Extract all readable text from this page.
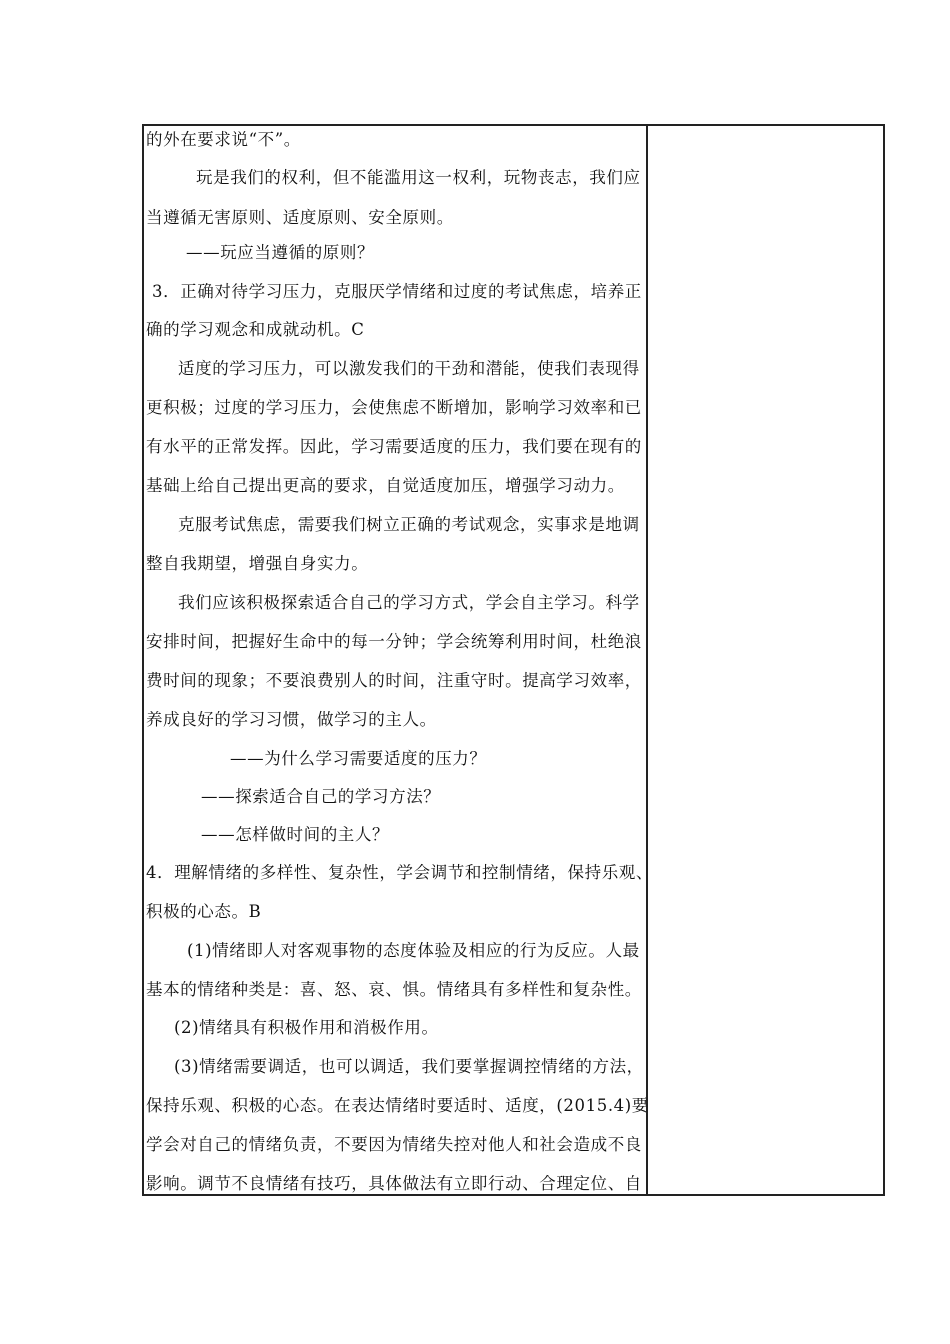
的外在要求说“不”。
玩是我们的权利，但不能滥用这一权利，玩物丧志，我们应
当遵循无害原则、适度原则、安全原则。
——玩应当遵循的原则？
3．正确对待学习压力，克服厌学情绪和过度的考试焦虑，培养正
确的学习观念和成就动机。C
适度的学习压力，可以激发我们的干劲和潜能，使我们表现得
更积极；过度的学习压力，会使焦虑不断增加，影响学习效率和已
有水平的正常发挥。因此，学习需要适度的压力，我们要在现有的
基础上给自己提出更高的要求，自觉适度加压，增强学习动力。
克服考试焦虑，需要我们树立正确的考试观念，实事求是地调
整自我期望，增强自身实力。
我们应该积极探索适合自己的学习方式，学会自主学习。科学
安排时间，把握好生命中的每一分钟；学会统筹利用时间，杜绝浪
费时间的现象；不要浪费别人的时间，注重守时。提高学习效率，
养成良好的学习习惯，做学习的主人。
——为什么学习需要适度的压力？
——探索适合自己的学习方法？
——怎样做时间的主人？
4．理解情绪的多样性、复杂性，学会调节和控制情绪，保持乐观、
积极的心态。B
(1)情绪即人对客观事物的态度体验及相应的行为反应。人最
基本的情绪种类是：喜、怒、哀、惧。情绪具有多样性和复杂性。
(2)情绪具有积极作用和消极作用。
(3)情绪需要调适，也可以调适，我们要掌握调控情绪的方法，
保持乐观、积极的心态。在表达情绪时要适时、适度，(2015.4)要
学会对自己的情绪负责，不要因为情绪失控对他人和社会造成不良
影响。调节不良情绪有技巧，具体做法有立即行动、合理定位、自
